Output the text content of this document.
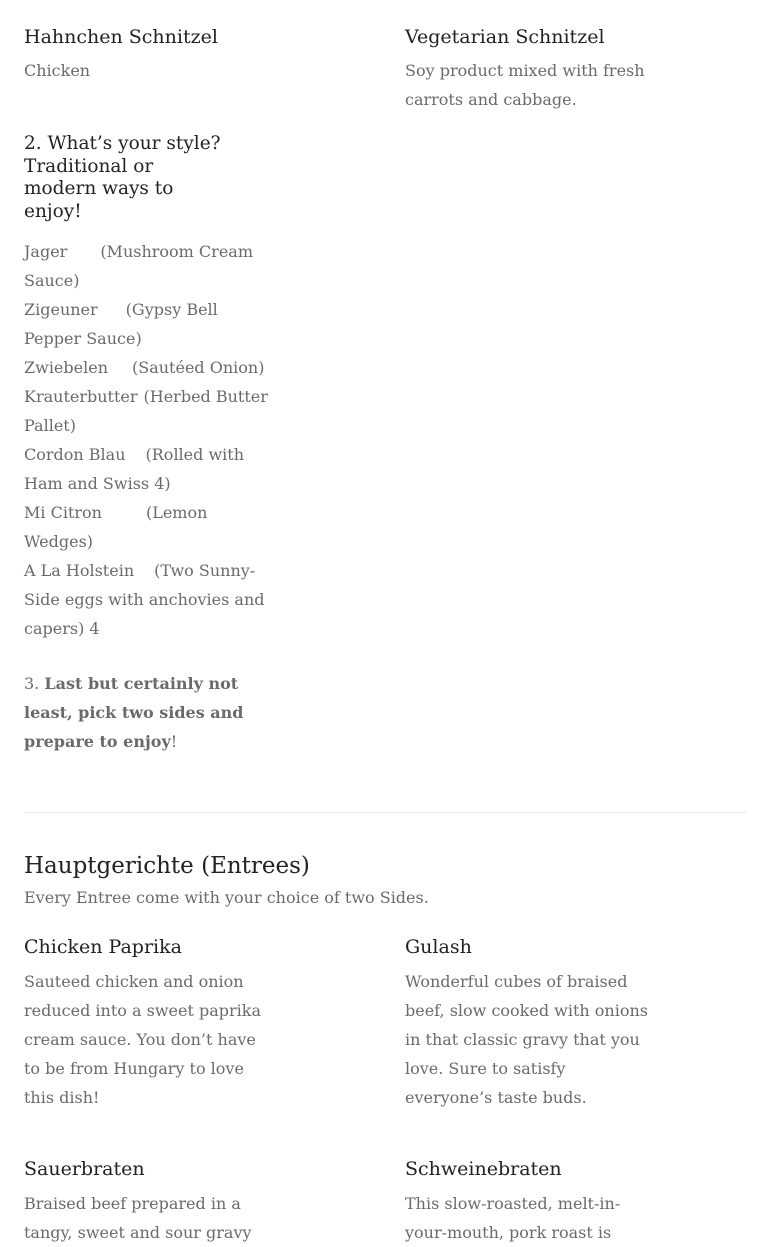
Hahnchen Schnitzel
Chicken
Vegetarian Schnitzel
Soy product mixed with fresh carrots and cabbage.
2. What’s your style? Traditional or modern ways to enjoy!
Jager (Mushroom Cream Sauce)
Zigeuner (Gypsy Bell Pepper Sauce)
Zwiebelen (Sautéed Onion)
Krauterbutter (Herbed Butter Pallet)
Cordon Blau (Rolled with Ham and Swiss 4)
Mi Citron	(Lemon Wedges)
A La Holstein (Two Sunny-Side eggs with anchovies and capers) 4
3. Last but certainly not least, pick two sides and prepare to enjoy!
Hauptgerichte (Entrees)
Every Entree come with your choice of two Sides.
Chicken Paprika
Sauteed chicken and onion reduced into a sweet paprika cream sauce. You don’t have to be from Hungary to love this dish!
Gulash
Wonderful cubes of braised beef, slow cooked with onions in that classic gravy that you love. Sure to satisfy everyone’s taste buds.
Sauerbraten
Braised beef prepared in a tangy, sweet and sour gravy
Schweinebraten
This slow-roasted, melt-in-your-mouth, pork roast is
